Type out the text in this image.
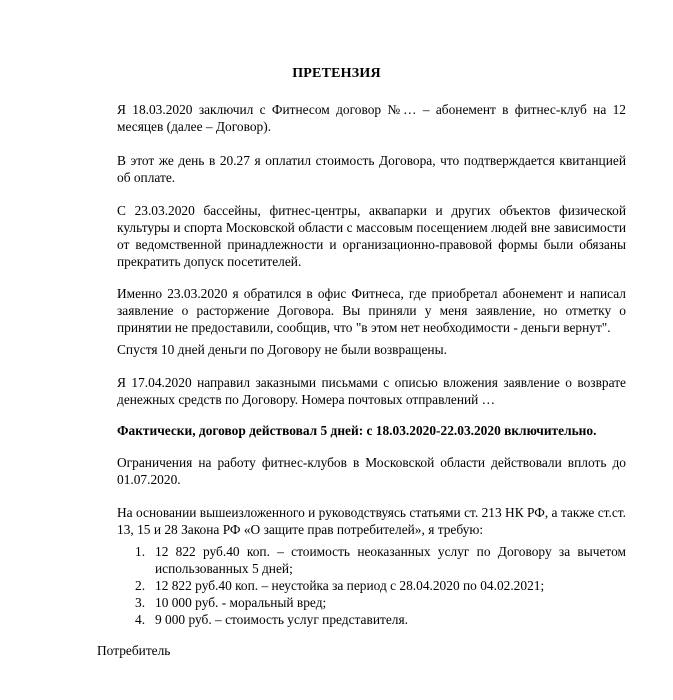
ПРЕТЕНЗИЯ

Я 18.03.2020 заключил с Фитнесом договор №… – абонемент в фитнес-клуб на 12 месяцев (далее – Договор).

В этот же день в 20.27 я оплатил стоимость Договора, что подтверждается квитанцией об оплате.

С 23.03.2020 бассейны, фитнес-центры, аквапарки и других объектов физической культуры и спорта Московской области с массовым посещением людей вне зависимости от ведомственной принадлежности и организационно-правовой формы были обязаны прекратить допуск посетителей.

Именно 23.03.2020 я обратился в офис Фитнеса, где приобретал абонемент и написал заявление о расторжение Договора. Вы приняли у меня заявление, но отметку о принятии не предоставили, сообщив, что "в этом нет необходимости - деньги вернут".

Спустя 10 дней деньги по Договору не были возвращены.

Я 17.04.2020 направил заказными письмами с описью вложения заявление о возврате денежных средств по Договору. Номера почтовых отправлений …

Фактически, договор действовал 5 дней: с 18.03.2020-22.03.2020 включительно.

Ограничения на работу фитнес-клубов в Московской области действовали вплоть до 01.07.2020.

На основании вышеизложенного и руководствуясь статьями ст. 213 НК РФ, а также ст.ст. 13, 15 и 28 Закона РФ «О защите прав потребителей», я требую:

1. 12 822 руб.40 коп. – стоимость неоказанных услуг по Договору за вычетом использованных 5 дней;
2. 12 822 руб.40 коп. – неустойка за период с 28.04.2020 по 04.02.2021;
3. 10 000 руб. - моральный вред;
4. 9 000 руб. – стоимость услуг представителя.
Потребитель
